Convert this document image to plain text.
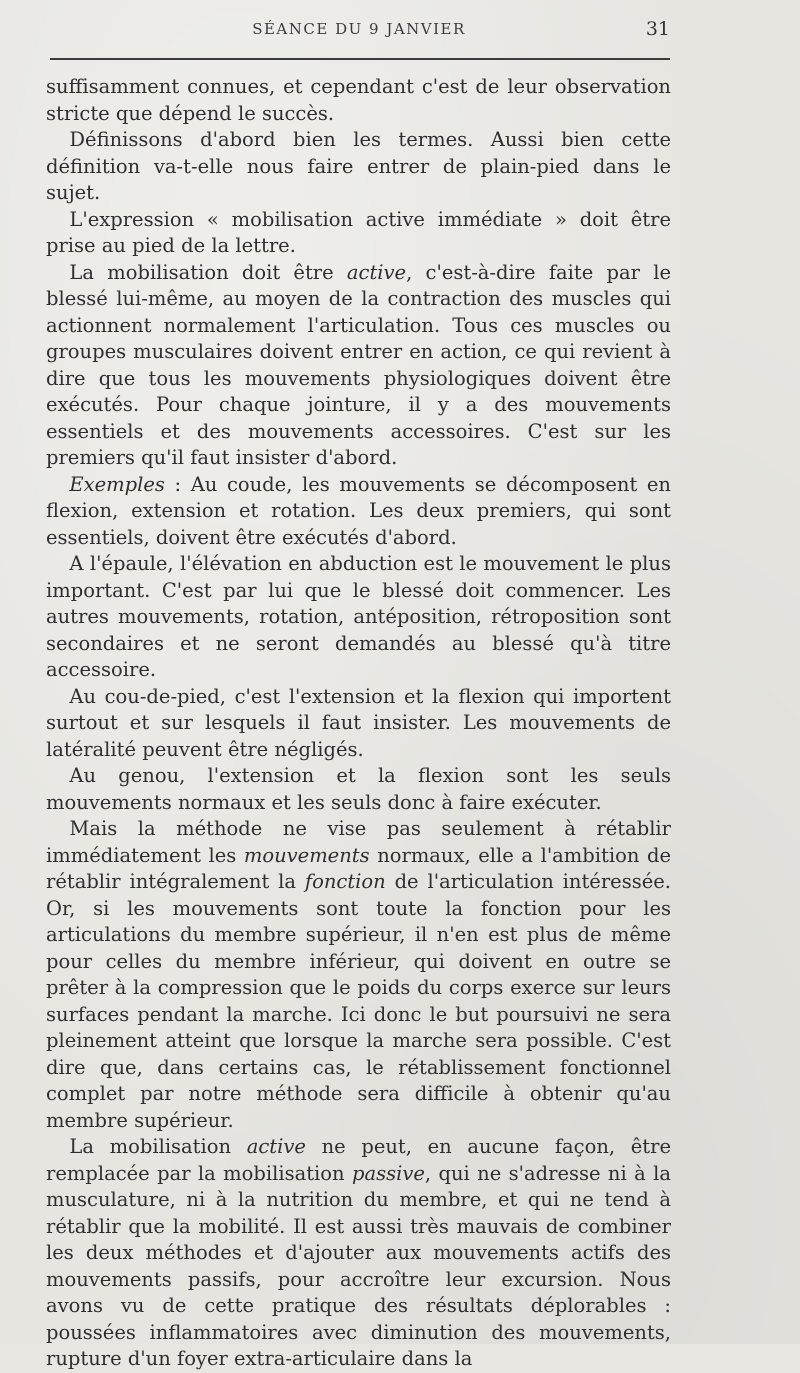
SÉANCE DU 9 JANVIER	31

suffisamment connues, et cependant c'est de leur observation stricte que dépend le succès.

Définissons d'abord bien les termes. Aussi bien cette définition va-t-elle nous faire entrer de plain-pied dans le sujet.

L'expression « mobilisation active immédiate » doit être prise au pied de la lettre.

La mobilisation doit être active, c'est-à-dire faite par le blessé lui-même, au moyen de la contraction des muscles qui actionnent normalement l'articulation. Tous ces muscles ou groupes musculaires doivent entrer en action, ce qui revient à dire que tous les mouvements physiologiques doivent être exécutés. Pour chaque jointure, il y a des mouvements essentiels et des mouvements accessoires. C'est sur les premiers qu'il faut insister d'abord.

Exemples : Au coude, les mouvements se décomposent en flexion, extension et rotation. Les deux premiers, qui sont essentiels, doivent être exécutés d'abord.

A l'épaule, l'élévation en abduction est le mouvement le plus important. C'est par lui que le blessé doit commencer. Les autres mouvements, rotation, antéposition, rétroposition sont secondaires et ne seront demandés au blessé qu'à titre accessoire.

Au cou-de-pied, c'est l'extension et la flexion qui importent surtout et sur lesquels il faut insister. Les mouvements de latéralité peuvent être négligés.

Au genou, l'extension et la flexion sont les seuls mouvements normaux et les seuls donc à faire exécuter.

Mais la méthode ne vise pas seulement à rétablir immédiatement les mouvements normaux, elle a l'ambition de rétablir intégralement la fonction de l'articulation intéressée. Or, si les mouvements sont toute la fonction pour les articulations du membre supérieur, il n'en est plus de même pour celles du membre inférieur, qui doivent en outre se prêter à la compression que le poids du corps exerce sur leurs surfaces pendant la marche. Ici donc le but poursuivi ne sera pleinement atteint que lorsque la marche sera possible. C'est dire que, dans certains cas, le rétablissement fonctionnel complet par notre méthode sera difficile à obtenir qu'au membre supérieur.

La mobilisation active ne peut, en aucune façon, être remplacée par la mobilisation passive, qui ne s'adresse ni à la musculature, ni à la nutrition du membre, et qui ne tend à rétablir que la mobilité. Il est aussi très mauvais de combiner les deux méthodes et d'ajouter aux mouvements actifs des mouvements passifs, pour accroître leur excursion. Nous avons vu de cette pratique des résultats déplorables : poussées inflammatoires avec diminution des mouvements, rupture d'un foyer extra-articulaire dans la
